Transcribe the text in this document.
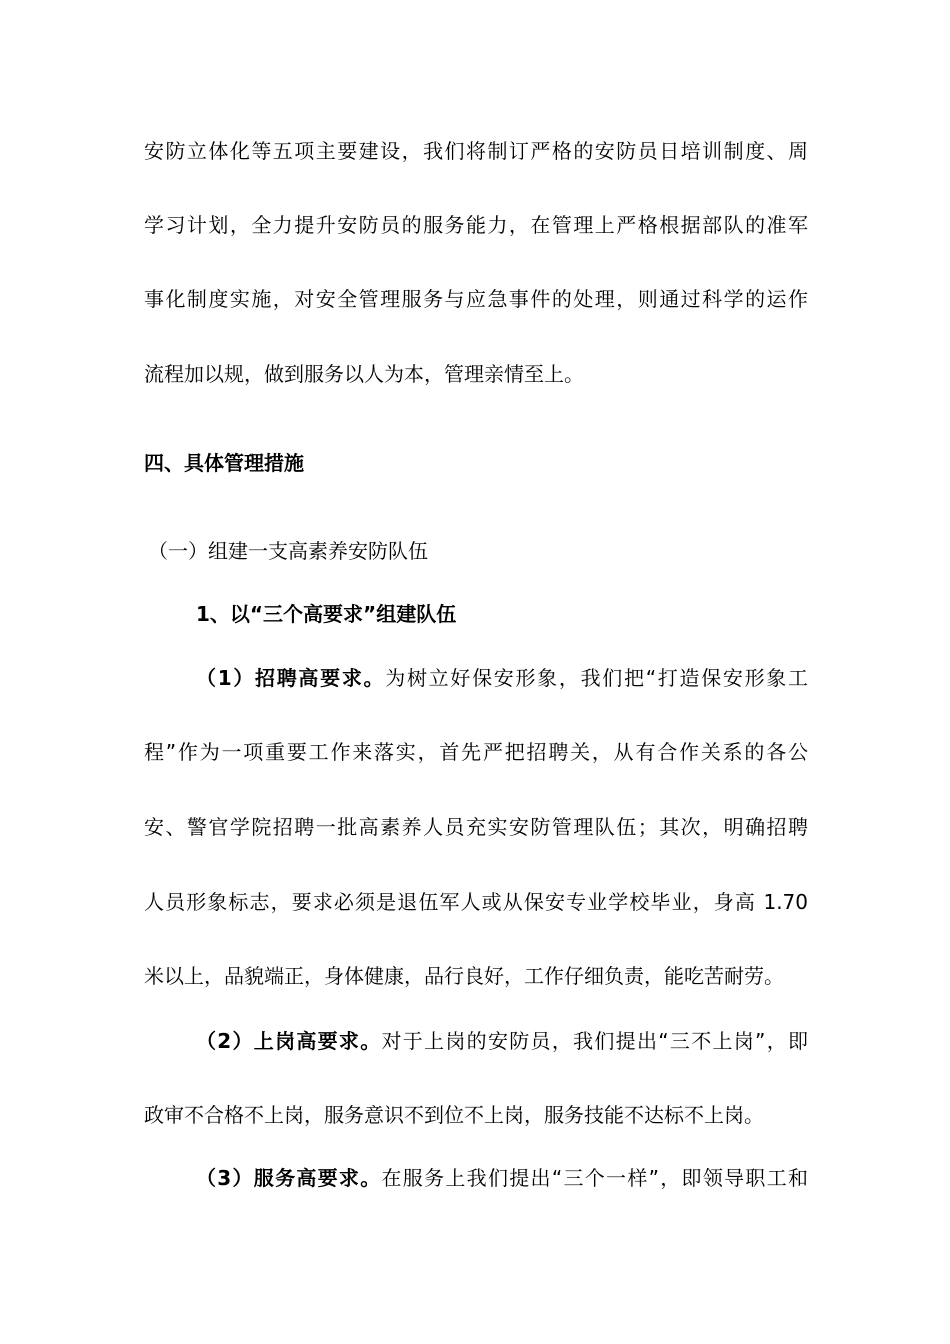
安防立体化等五项主要建设，我们将制订严格的安防员日培训制度、周
学习计划，全力提升安防员的服务能力，在管理上严格根据部队的准军
事化制度实施，对安全管理服务与应急事件的处理，则通过科学的运作
流程加以规，做到服务以人为本，管理亲情至上。
四、具体管理措施
（一）组建一支高素养安防队伍
1、以“三个高要求”组建队伍
（1）招聘高要求。为树立好保安形象，我们把“打造保安形象工
程”作为一项重要工作来落实，首先严把招聘关，从有合作关系的各公
安、警官学院招聘一批高素养人员充实安防管理队伍；其次，明确招聘
人员形象标志，要求必须是退伍军人或从保安专业学校毕业，身高 1.70
米以上，品貌端正，身体健康，品行良好，工作仔细负责，能吃苦耐劳。
（2）上岗高要求。对于上岗的安防员，我们提出“三不上岗”，即
政审不合格不上岗，服务意识不到位不上岗，服务技能不达标不上岗。
（3）服务高要求。在服务上我们提出“三个一样”，即领导职工和
